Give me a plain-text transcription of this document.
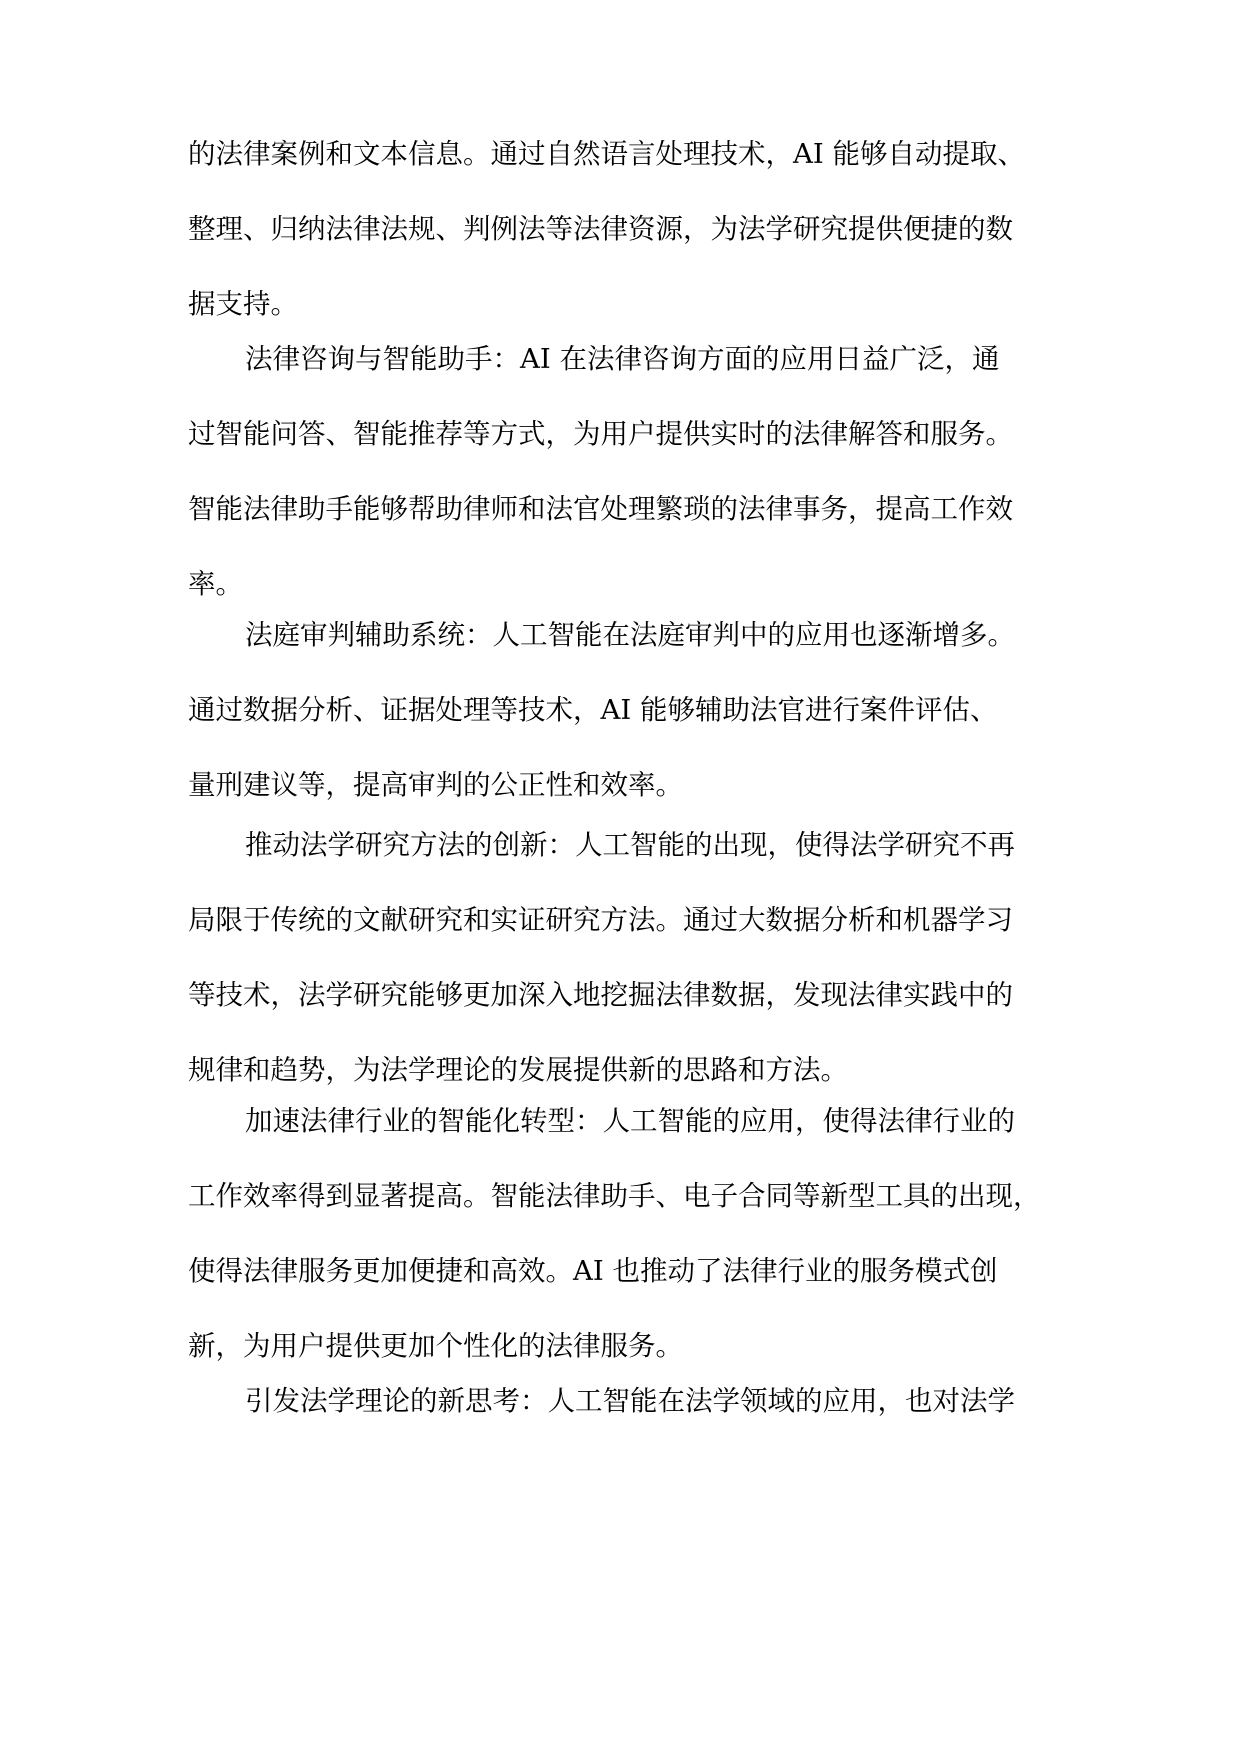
的法律案例和文本信息。通过自然语言处理技术，AI 能够自动提取、
整理、归纳法律法规、判例法等法律资源，为法学研究提供便捷的数
据支持。

法律咨询与智能助手：AI 在法律咨询方面的应用日益广泛，通
过智能问答、智能推荐等方式，为用户提供实时的法律解答和服务。
智能法律助手能够帮助律师和法官处理繁琐的法律事务，提高工作效
率。

法庭审判辅助系统：人工智能在法庭审判中的应用也逐渐增多。
通过数据分析、证据处理等技术，AI 能够辅助法官进行案件评估、
量刑建议等，提高审判的公正性和效率。

推动法学研究方法的创新：人工智能的出现，使得法学研究不再
局限于传统的文献研究和实证研究方法。通过大数据分析和机器学习
等技术，法学研究能够更加深入地挖掘法律数据，发现法律实践中的
规律和趋势，为法学理论的发展提供新的思路和方法。

加速法律行业的智能化转型：人工智能的应用，使得法律行业的
工作效率得到显著提高。智能法律助手、电子合同等新型工具的出现，
使得法律服务更加便捷和高效。AI 也推动了法律行业的服务模式创
新，为用户提供更加个性化的法律服务。

引发法学理论的新思考：人工智能在法学领域的应用，也对法学
